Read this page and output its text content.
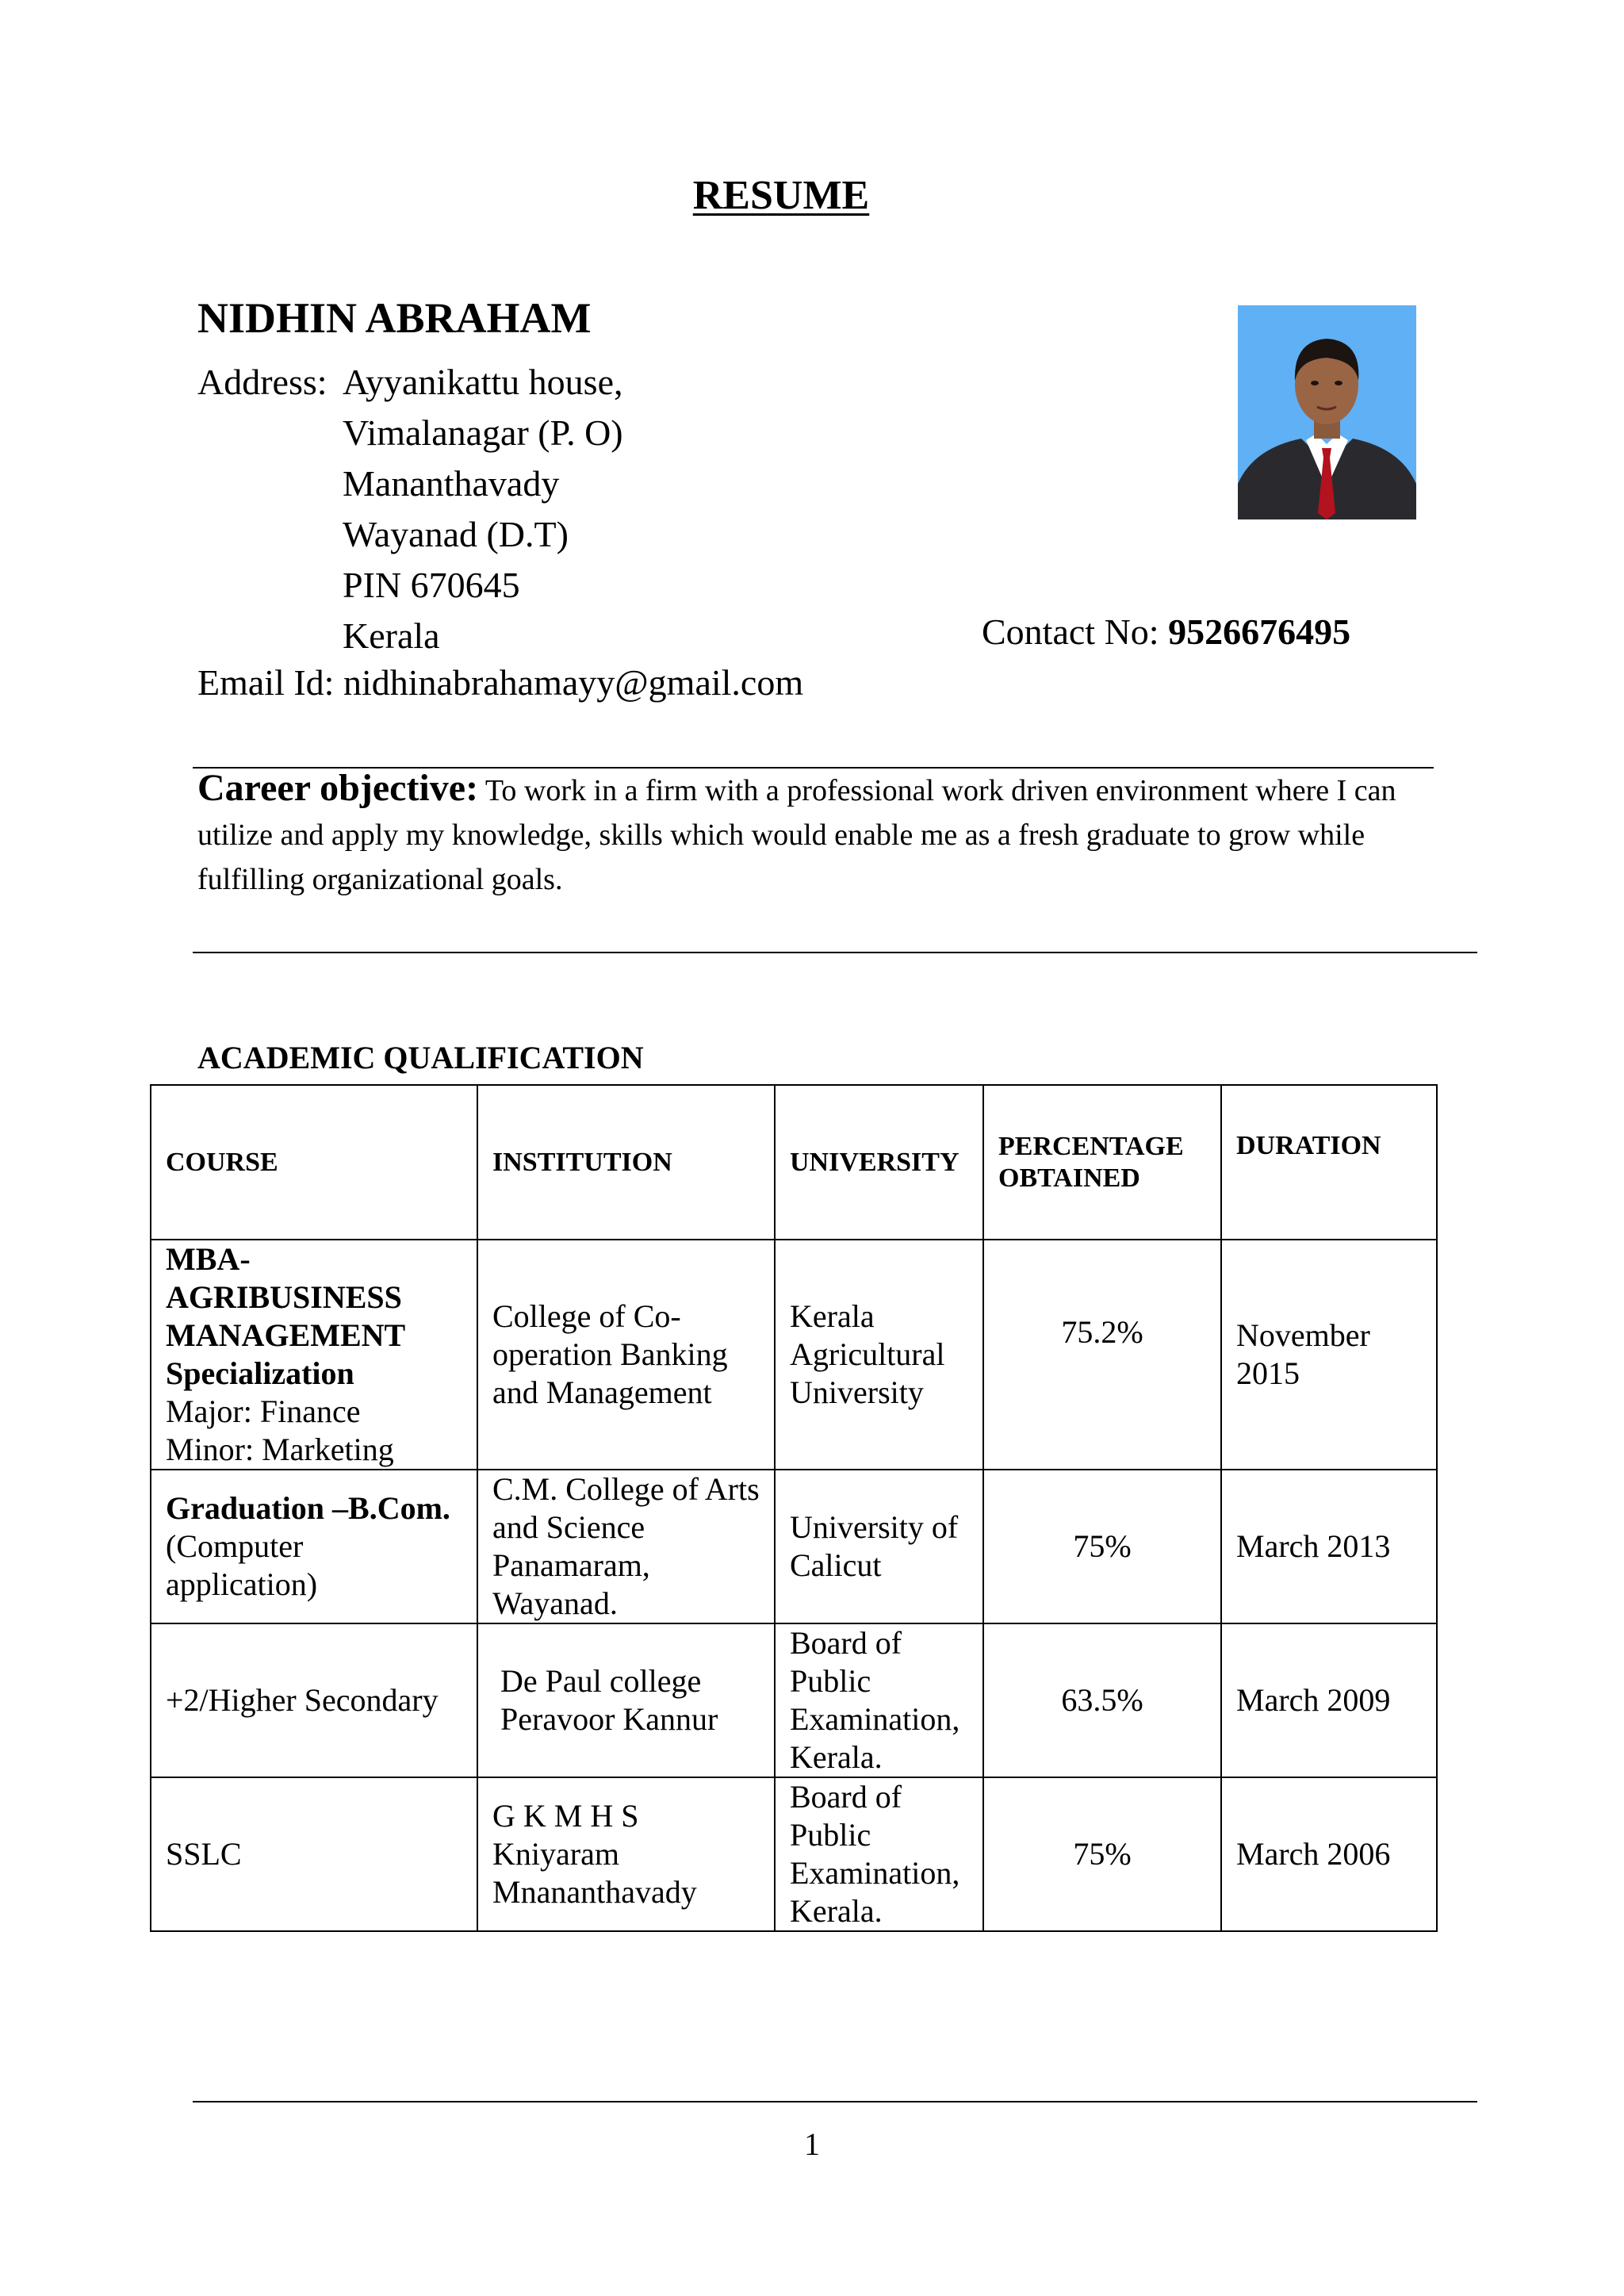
RESUME
NIDHIN ABRAHAM
Address: Ayyanikattu house,
Vimalanagar (P. O)
Mananthavady
Wayanad (D.T)
PIN 670645
Kerala	Contact No: 9526676495
Email Id: nidhinabrahamayy@gmail.com
Career objective: To work in a firm with a professional work driven environment where I can utilize and apply my knowledge, skills which would enable me as a fresh graduate to grow while fulfilling organizational goals.
ACADEMIC QUALIFICATION
COURSE	INSTITUTION	UNIVERSITY	PERCENTAGE OBTAINED	DURATION

MBA-AGRIBUSINESS MANAGEMENT Specialization
Major: Finance
Minor: Marketing	College of Co-operation Banking and Management	Kerala Agricultural University	75.2%	November 2015

Graduation –B.Com.
(Computer application)	C.M. College of Arts and Science Panamaram, Wayanad.	University of Calicut	75%	March 2013
+2/Higher Secondary	De Paul college Peravoor Kannur	Board of Public Examination, Kerala.	63.5%	March 2009
SSLC	G K M H S Kniyaram Mnananthavady	Board of Public Examination, Kerala.	75%	March 2006
1
